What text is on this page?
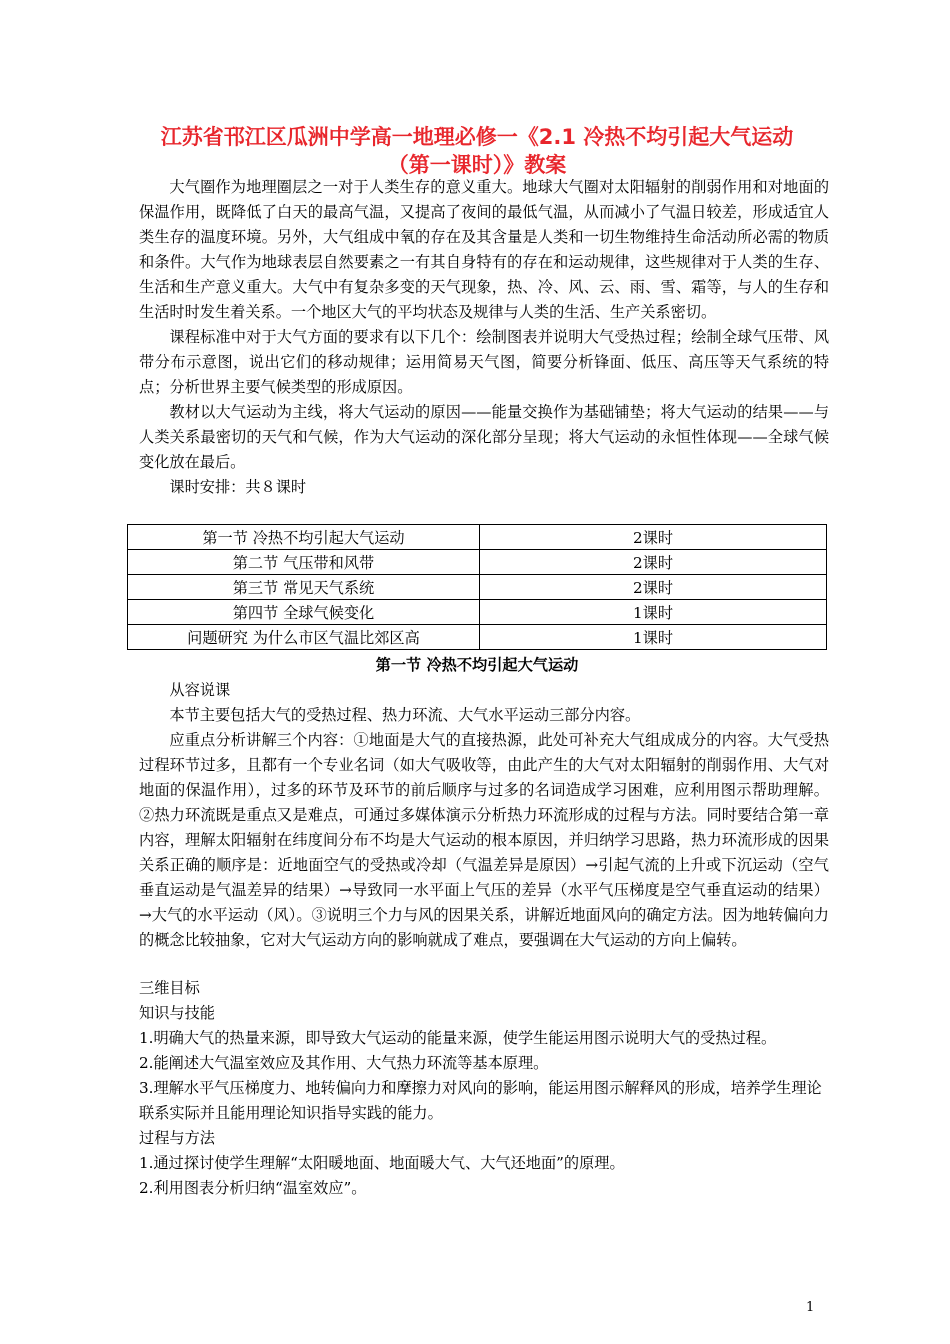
江苏省邗江区瓜洲中学高一地理必修一《2.1 冷热不均引起大气运动
（第一课时）》教案

大气圈作为地理圈层之一对于人类生存的意义重大。地球大气圈对太阳辐射的削弱作用和对地面的保温作用，既降低了白天的最高气温，又提高了夜间的最低气温，从而减小了气温日较差，形成适宜人类生存的温度环境。另外，大气组成中氧的存在及其含量是人类和一切生物维持生命活动所必需的物质和条件。大气作为地球表层自然要素之一有其自身特有的存在和运动规律，这些规律对于人类的生存、生活和生产意义重大。大气中有复杂多变的天气现象，热、冷、风、云、雨、雪、霜等，与人的生存和生活时时发生着关系。一个地区大气的平均状态及规律与人类的生活、生产关系密切。

课程标准中对于大气方面的要求有以下几个：绘制图表并说明大气受热过程；绘制全球气压带、风带分布示意图，说出它们的移动规律；运用简易天气图，简要分析锋面、低压、高压等天气系统的特点；分析世界主要气候类型的形成原因。

教材以大气运动为主线，将大气运动的原因——能量交换作为基础铺垫；将大气运动的结果——与人类关系最密切的天气和气候，作为大气运动的深化部分呈现；将大气运动的永恒性体现——全球气候变化放在最后。

课时安排：共８课时

第一节 冷热不均引起大气运动	2课时
第二节 气压带和风带	2课时
第三节 常见天气系统	2课时
第四节 全球气候变化	1课时
问题研究 为什么市区气温比郊区高	1课时
第一节 冷热不均引起大气运动

从容说课

本节主要包括大气的受热过程、热力环流、大气水平运动三部分内容。

应重点分析讲解三个内容：①地面是大气的直接热源，此处可补充大气组成成分的内容。大气受热过程环节过多，且都有一个专业名词（如大气吸收等，由此产生的大气对太阳辐射的削弱作用、大气对地面的保温作用），过多的环节及环节的前后顺序与过多的名词造成学习困难，应利用图示帮助理解。②热力环流既是重点又是难点，可通过多媒体演示分析热力环流形成的过程与方法。同时要结合第一章内容，理解太阳辐射在纬度间分布不均是大气运动的根本原因，并归纳学习思路，热力环流形成的因果关系正确的顺序是：近地面空气的受热或冷却（气温差异是原因）→引起气流的上升或下沉运动（空气垂直运动是气温差异的结果）→导致同一水平面上气压的差异（水平气压梯度是空气垂直运动的结果）→大气的水平运动（风）。③说明三个力与风的因果关系，讲解近地面风向的确定方法。因为地转偏向力的概念比较抽象，它对大气运动方向的影响就成了难点，要强调在大气运动的方向上偏转。

三维目标

知识与技能

1.明确大气的热量来源，即导致大气运动的能量来源，使学生能运用图示说明大气的受热过程。

2.能阐述大气温室效应及其作用、大气热力环流等基本原理。

3.理解水平气压梯度力、地转偏向力和摩擦力对风向的影响，能运用图示解释风的形成，培养学生理论联系实际并且能用理论知识指导实践的能力。

过程与方法

1.通过探讨使学生理解“太阳暖地面、地面暖大气、大气还地面”的原理。

2.利用图表分析归纳“温室效应”。

1
